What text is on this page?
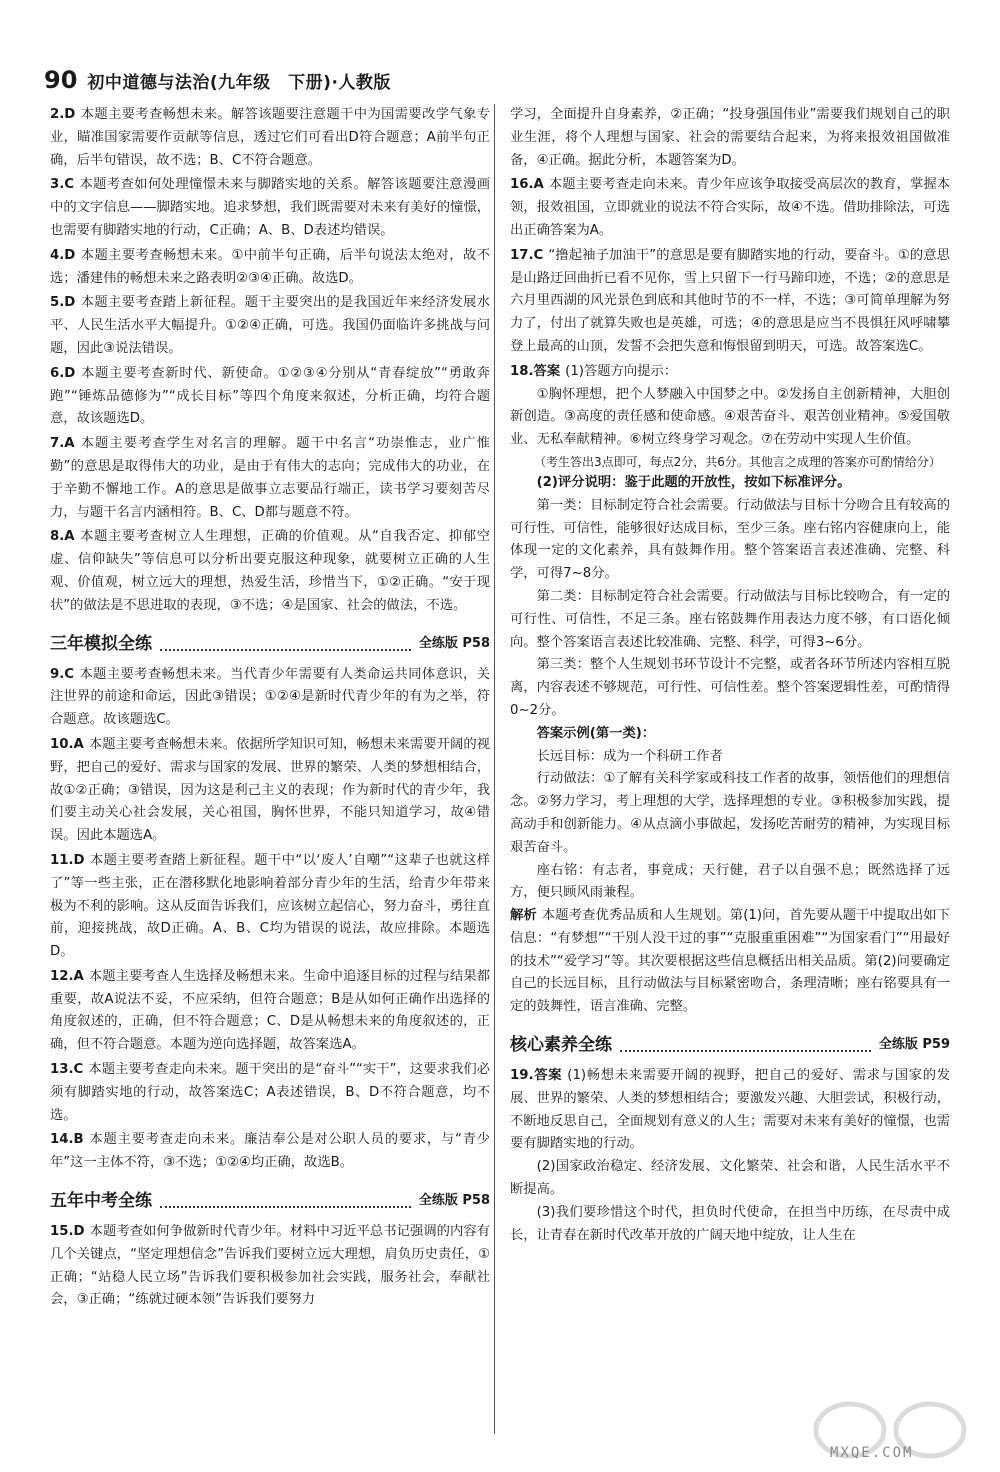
90 初中道德与法治(九年级　下册)·人教版

2.D 本题主要考查畅想未来。解答该题要注意题干中为国需要改学气象专业，瞄准国家需要作贡献等信息，透过它们可看出D符合题意；A前半句正确，后半句错误，故不选；B、C不符合题意。

3.C 本题考查如何处理憧憬未来与脚踏实地的关系。解答该题要注意漫画中的文字信息——脚踏实地。追求梦想，我们既需要对未来有美好的憧憬，也需要有脚踏实地的行动，C正确；A、B、D表述均错误。

4.D 本题主要考查畅想未来。①中前半句正确，后半句说法太绝对，故不选；潘建伟的畅想未来之路表明②③④正确。故选D。

5.D 本题主要考查踏上新征程。题干主要突出的是我国近年来经济发展水平、人民生活水平大幅提升。①②④正确，可选。我国仍面临许多挑战与问题，因此③说法错误。

6.D 本题主要考查新时代、新使命。①②③④分别从“青春绽放”“勇敢奔跑”“锤炼品德修为”“成长目标”等四个角度来叙述，分析正确，均符合题意，故该题选D。

7.A 本题主要考查学生对名言的理解。题干中名言“功崇惟志，业广惟勤”的意思是取得伟大的功业，是由于有伟大的志向；完成伟大的功业，在于辛勤不懈地工作。A的意思是做事立志要品行端正，读书学习要刻苦尽力，与题干名言内涵相符。B、C、D都与题意不符。

8.A 本题主要考查树立人生理想，正确的价值观。从“自我否定、抑郁空虚、信仰缺失”等信息可以分析出要克服这种现象，就要树立正确的人生观、价值观，树立远大的理想，热爱生活，珍惜当下，①②正确。“安于现状”的做法是不思进取的表现，③不选；④是国家、社会的做法，不选。

三年模拟全练	全练版 P58

9.C 本题主要考查畅想未来。当代青少年需要有人类命运共同体意识，关注世界的前途和命运，因此③错误；①②④是新时代青少年的有为之举，符合题意。故该题选C。

10.A 本题主要考查畅想未来。依据所学知识可知，畅想未来需要开阔的视野，把自己的爱好、需求与国家的发展、世界的繁荣、人类的梦想相结合，故①②正确；③错误，因为这是利己主义的表现；作为新时代的青少年，我们要主动关心社会发展，关心祖国，胸怀世界，不能只知道学习，故④错误。因此本题选A。

11.D 本题主要考查踏上新征程。题干中“以‘废人’自嘲”“这辈子也就这样了”等一些主张，正在潜移默化地影响着部分青少年的生活，给青少年带来极为不利的影响。这从反面告诉我们，应该树立起信心，努力奋斗，勇往直前，迎接挑战，故D正确。A、B、C均为错误的说法，故应排除。本题选D。

12.A 本题主要考查人生选择及畅想未来。生命中追逐目标的过程与结果都重要，故A说法不妥，不应采纳，但符合题意；B是从如何正确作出选择的角度叙述的，正确，但不符合题意；C、D是从畅想未来的角度叙述的，正确，但不符合题意。本题为逆向选择题，故答案选A。

13.C 本题主要考查走向未来。题干突出的是“奋斗”“实干”，这要求我们必须有脚踏实地的行动，故答案选C；A表述错误，B、D不符合题意，均不选。

14.B 本题主要考查走向未来。廉洁奉公是对公职人员的要求，与“青少年”这一主体不符，③不选；①②④均正确，故选B。

五年中考全练	全练版 P58

15.D 本题考查如何争做新时代青少年。材料中习近平总书记强调的内容有几个关键点，“坚定理想信念”告诉我们要树立远大理想，肩负历史责任，①正确；“站稳人民立场”告诉我们要积极参加社会实践，服务社会，奉献社会，③正确；“练就过硬本领”告诉我们要努力

学习，全面提升自身素养，②正确；“投身强国伟业”需要我们规划自己的职业生涯，将个人理想与国家、社会的需要结合起来，为将来报效祖国做准备，④正确。据此分析，本题答案为D。

16.A 本题主要考查走向未来。青少年应该争取接受高层次的教育，掌握本领，报效祖国，立即就业的说法不符合实际，故④不选。借助排除法，可选出正确答案为A。

17.C “撸起袖子加油干”的意思是要有脚踏实地的行动，要奋斗。①的意思是山路迂回曲折已看不见你，雪上只留下一行马蹄印迹，不选；②的意思是六月里西湖的风光景色到底和其他时节的不一样，不选；③可简单理解为努力了，付出了就算失败也是英雄，可选；④的意思是应当不畏惧狂风呼啸攀登上最高的山顶，发誓不会把失意和悔恨留到明天，可选。故答案选C。

18.答案 (1)答题方向提示：

①胸怀理想，把个人梦融入中国梦之中。②发扬自主创新精神，大胆创新创造。③高度的责任感和使命感。④艰苦奋斗、艰苦创业精神。⑤爱国敬业、无私奉献精神。⑥树立终身学习观念。⑦在劳动中实现人生价值。

（考生答出3点即可，每点2分，共6分。其他言之成理的答案亦可酌情给分）

(2)评分说明：鉴于此题的开放性，按如下标准评分。

第一类：目标制定符合社会需要。行动做法与目标十分吻合且有较高的可行性、可信性，能够很好达成目标，至少三条。座右铭内容健康向上，能体现一定的文化素养，具有鼓舞作用。整个答案语言表述准确、完整、科学，可得7~8分。

第二类：目标制定符合社会需要。行动做法与目标比较吻合，有一定的可行性、可信性，不足三条。座右铭鼓舞作用表达力度不够，有口语化倾向。整个答案语言表述比较准确、完整、科学，可得3~6分。

第三类：整个人生规划书环节设计不完整，或者各环节所述内容相互脱离，内容表述不够规范，可行性、可信性差。整个答案逻辑性差，可酌情得0~2分。

答案示例(第一类)：

长远目标：成为一个科研工作者

行动做法：①了解有关科学家或科技工作者的故事，领悟他们的理想信念。②努力学习，考上理想的大学，选择理想的专业。③积极参加实践，提高动手和创新能力。④从点滴小事做起，发扬吃苦耐劳的精神，为实现目标艰苦奋斗。

座右铭：有志者，事竟成；天行健，君子以自强不息；既然选择了远方，便只顾风雨兼程。

解析 本题考查优秀品质和人生规划。第(1)问，首先要从题干中提取出如下信息：“有梦想”“干別人没干过的事”“克服重重困难”“为国家看门”“用最好的技术”“爱学习”等。其次要根据这些信息概括出相关品质。第(2)问要确定自己的长远目标，且行动做法与目标紧密吻合，条理清晰；座右铭要具有一定的鼓舞性，语言准确、完整。

核心素养全练	全练版 P59

19.答案 (1)畅想未来需要开阔的视野，把自己的爱好、需求与国家的发展、世界的繁荣、人类的梦想相结合；要激发兴趣、大胆尝试，积极行动，不断地反思自己，全面规划有意义的人生；需要对未来有美好的憧憬，也需要有脚踏实地的行动。

(2)国家政治稳定、经济发展、文化繁荣、社会和谐，人民生活水平不断提高。

(3)我们要珍惜这个时代，担负时代使命，在担当中历练，在尽责中成长，让青春在新时代改革开放的广阔天地中绽放，让人生在

MXQE.COM
